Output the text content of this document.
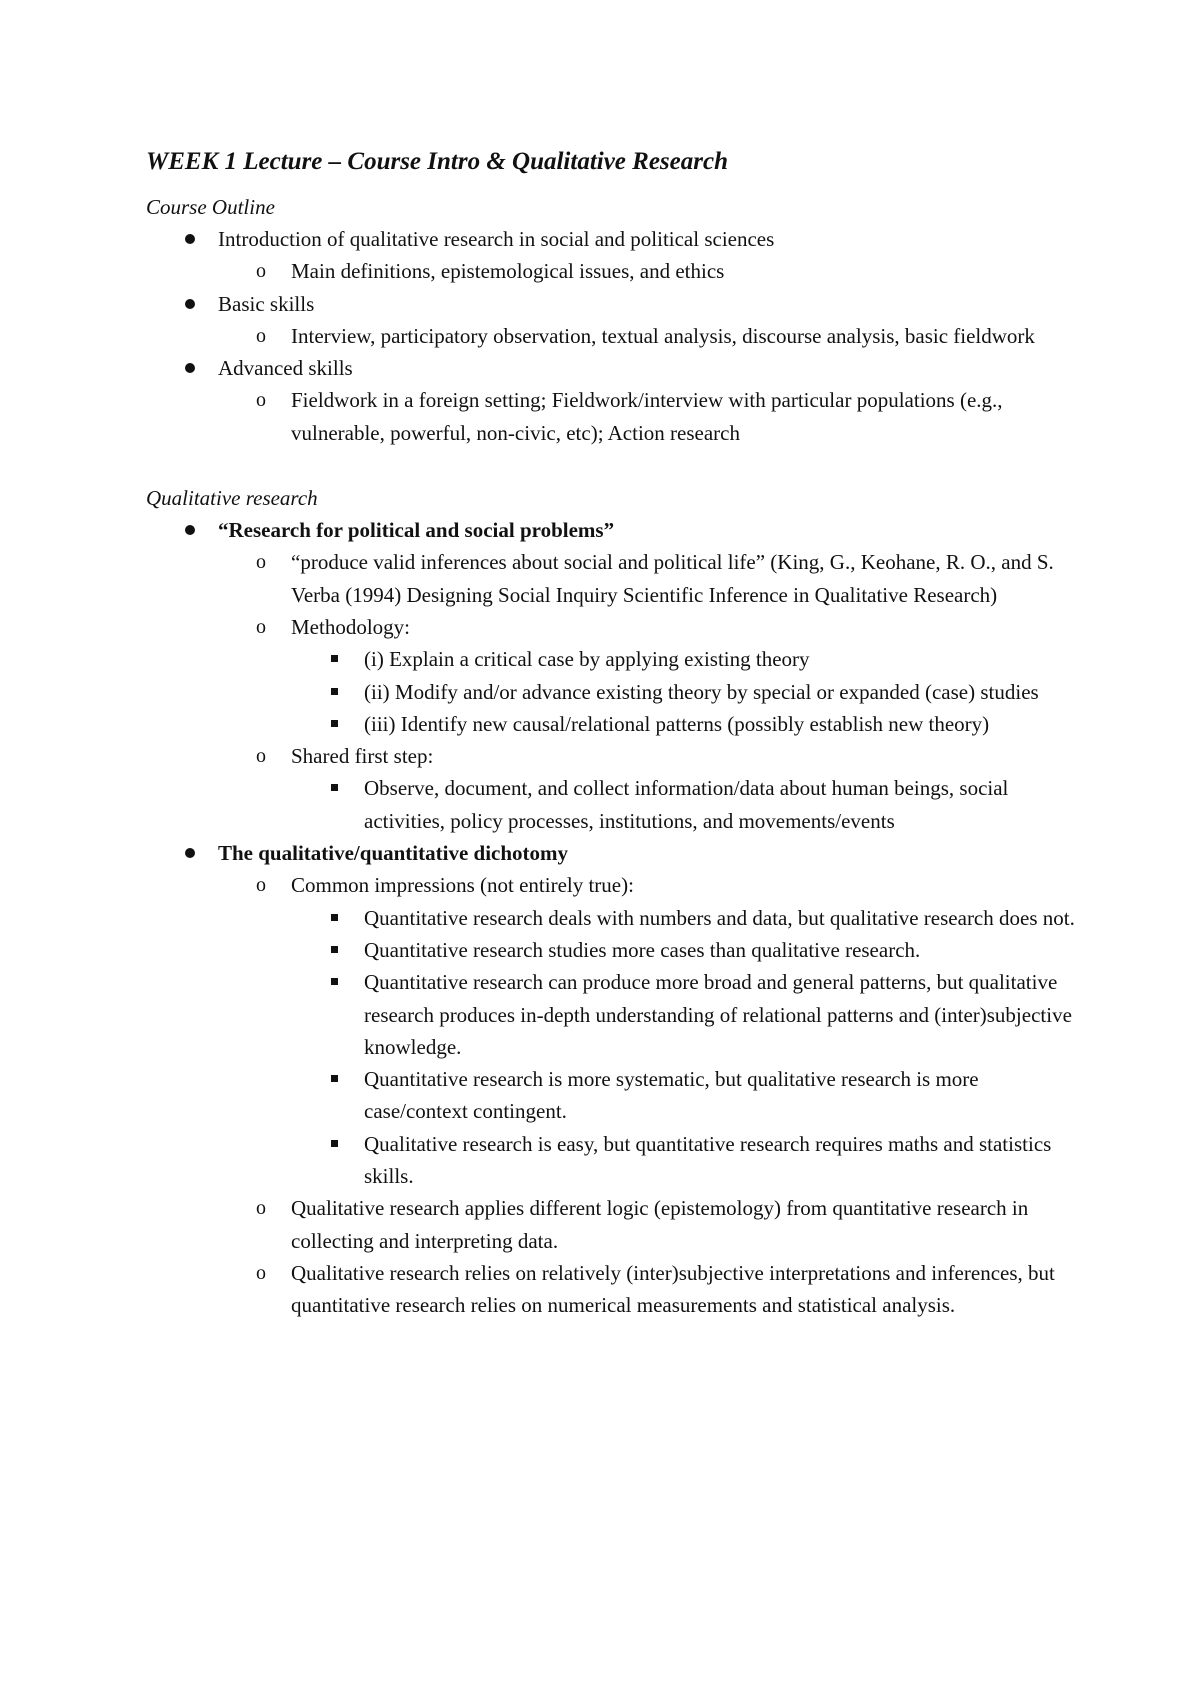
WEEK 1 Lecture – Course Intro & Qualitative Research

Course Outline

Introduction of qualitative research in social and political sciences
o Main definitions, epistemological issues, and ethics
Basic skills
o Interview, participatory observation, textual analysis, discourse analysis, basic fieldwork
Advanced skills
o Fieldwork in a foreign setting; Fieldwork/interview with particular populations (e.g., vulnerable, powerful, non-civic, etc); Action research

Qualitative research

“Research for political and social problems”
o “produce valid inferences about social and political life” (King, G., Keohane, R. O., and S. Verba (1994) Designing Social Inquiry Scientific Inference in Qualitative Research)
o Methodology:
(i) Explain a critical case by applying existing theory
(ii) Modify and/or advance existing theory by special or expanded (case) studies
(iii) Identify new causal/relational patterns (possibly establish new theory)
o Shared first step:
Observe, document, and collect information/data about human beings, social activities, policy processes, institutions, and movements/events
The qualitative/quantitative dichotomy
o Common impressions (not entirely true):
Quantitative research deals with numbers and data, but qualitative research does not.
Quantitative research studies more cases than qualitative research.
Quantitative research can produce more broad and general patterns, but qualitative research produces in-depth understanding of relational patterns and (inter)subjective knowledge.
Quantitative research is more systematic, but qualitative research is more case/context contingent.
Qualitative research is easy, but quantitative research requires maths and statistics skills.
o Qualitative research applies different logic (epistemology) from quantitative research in collecting and interpreting data.
o Qualitative research relies on relatively (inter)subjective interpretations and inferences, but quantitative research relies on numerical measurements and statistical analysis.
